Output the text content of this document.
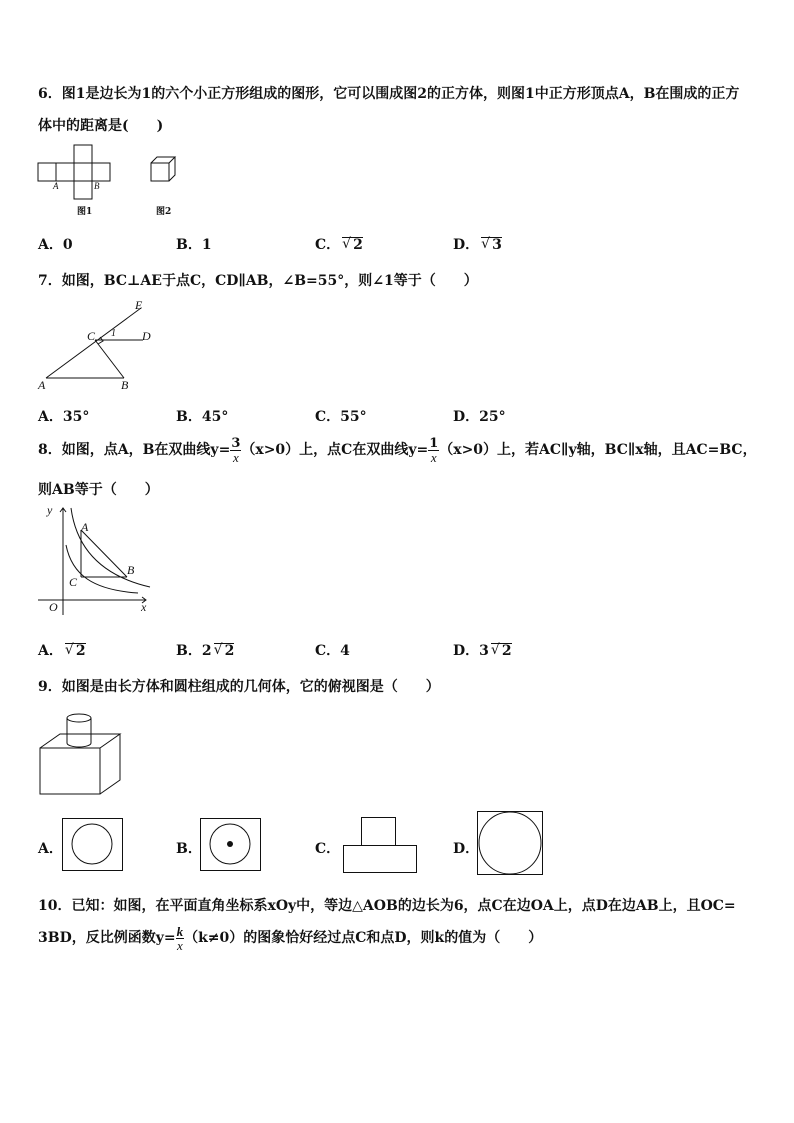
6．图1是边长为1的六个小正方形组成的图形，它可以围成图2的正方体，则图1中正方形顶点A，B在围成的正方
体中的距离是(　　)
A	B
图1	图2
A．0	B．1	C． √ 2	D． √ 3
7．如图，BC⊥AE于点C，CD∥AB，∠B=55°，则∠1等于（　　）
E
C 1 D
A	B
A．35°	B．45°	C．55°	D．25°
8．如图，点A，B在双曲线$y= \frac{3}{x} (x>0)$上，点C在双曲线$y= \frac{1}{x} (x>0)$上，若AC∥y轴，BC∥x轴，且AC=BC，
则AB等于（　　）
y
A
C
B
O	x
A． √ 2	B．2 √ 2	C．4	D．3 √ 2
9．如图是由长方体和圆柱组成的几何体，它的俯视图是（　　）
A．	B．	C．	D．
10．已知：如图，在平面直角坐标系xOy中，等边△AOB的边长为6，点C在边OA上，点D在边AB上，且OC=
3BD，反比例函数$y= \frac{k}{x} (k\ne 0)$的图象恰好经过点C和点D，则k的值为（　　）
